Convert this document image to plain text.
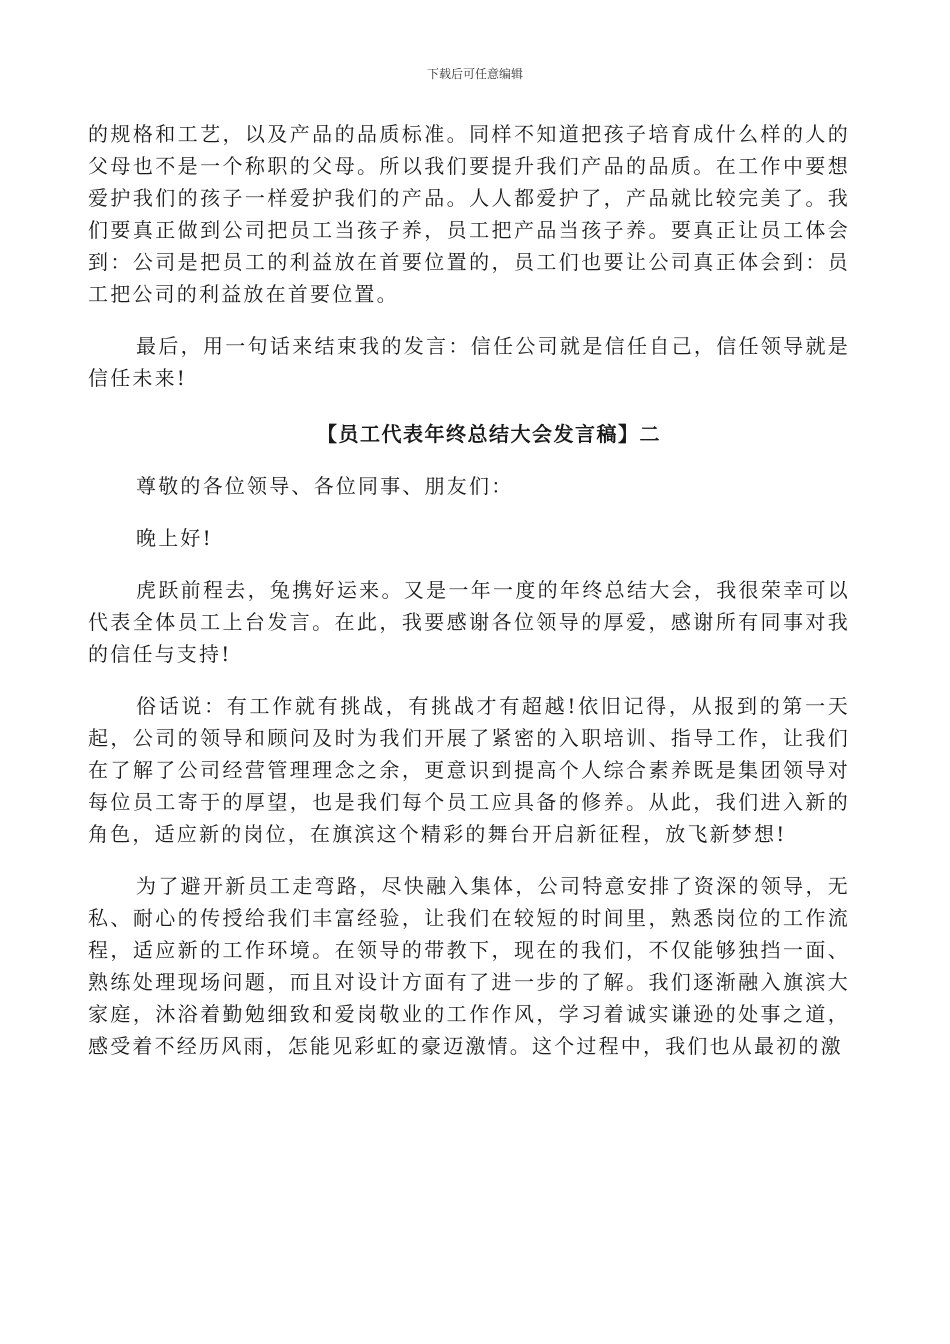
下载后可任意编辑

的规格和工艺，以及产品的品质标准。同样不知道把孩子培育成什么样的人的父母也不是一个称职的父母。所以我们要提升我们产品的品质。在工作中要想爱护我们的孩子一样爱护我们的产品。人人都爱护了，产品就比较完美了。我们要真正做到公司把员工当孩子养，员工把产品当孩子养。要真正让员工体会到：公司是把员工的利益放在首要位置的，员工们也要让公司真正体会到：员工把公司的利益放在首要位置。

最后，用一句话来结束我的发言：信任公司就是信任自己，信任领导就是信任未来!

【员工代表年终总结大会发言稿】二

尊敬的各位领导、各位同事、朋友们：

晚上好!

虎跃前程去，兔携好运来。又是一年一度的年终总结大会，我很荣幸可以代表全体员工上台发言。在此，我要感谢各位领导的厚爱，感谢所有同事对我的信任与支持!

俗话说：有工作就有挑战，有挑战才有超越!依旧记得，从报到的第一天起，公司的领导和顾问及时为我们开展了紧密的入职培训、指导工作，让我们在了解了公司经营管理理念之余，更意识到提高个人综合素养既是集团领导对每位员工寄于的厚望，也是我们每个员工应具备的修养。从此，我们进入新的角色，适应新的岗位，在旗滨这个精彩的舞台开启新征程，放飞新梦想!

为了避开新员工走弯路，尽快融入集体，公司特意安排了资深的领导，无私、耐心的传授给我们丰富经验，让我们在较短的时间里，熟悉岗位的工作流程，适应新的工作环境。在领导的带教下，现在的我们，不仅能够独挡一面、熟练处理现场问题，而且对设计方面有了进一步的了解。我们逐渐融入旗滨大家庭，沐浴着勤勉细致和爱岗敬业的工作作风，学习着诚实谦逊的处事之道，感受着不经历风雨，怎能见彩虹的豪迈激情。这个过程中，我们也从最初的激
